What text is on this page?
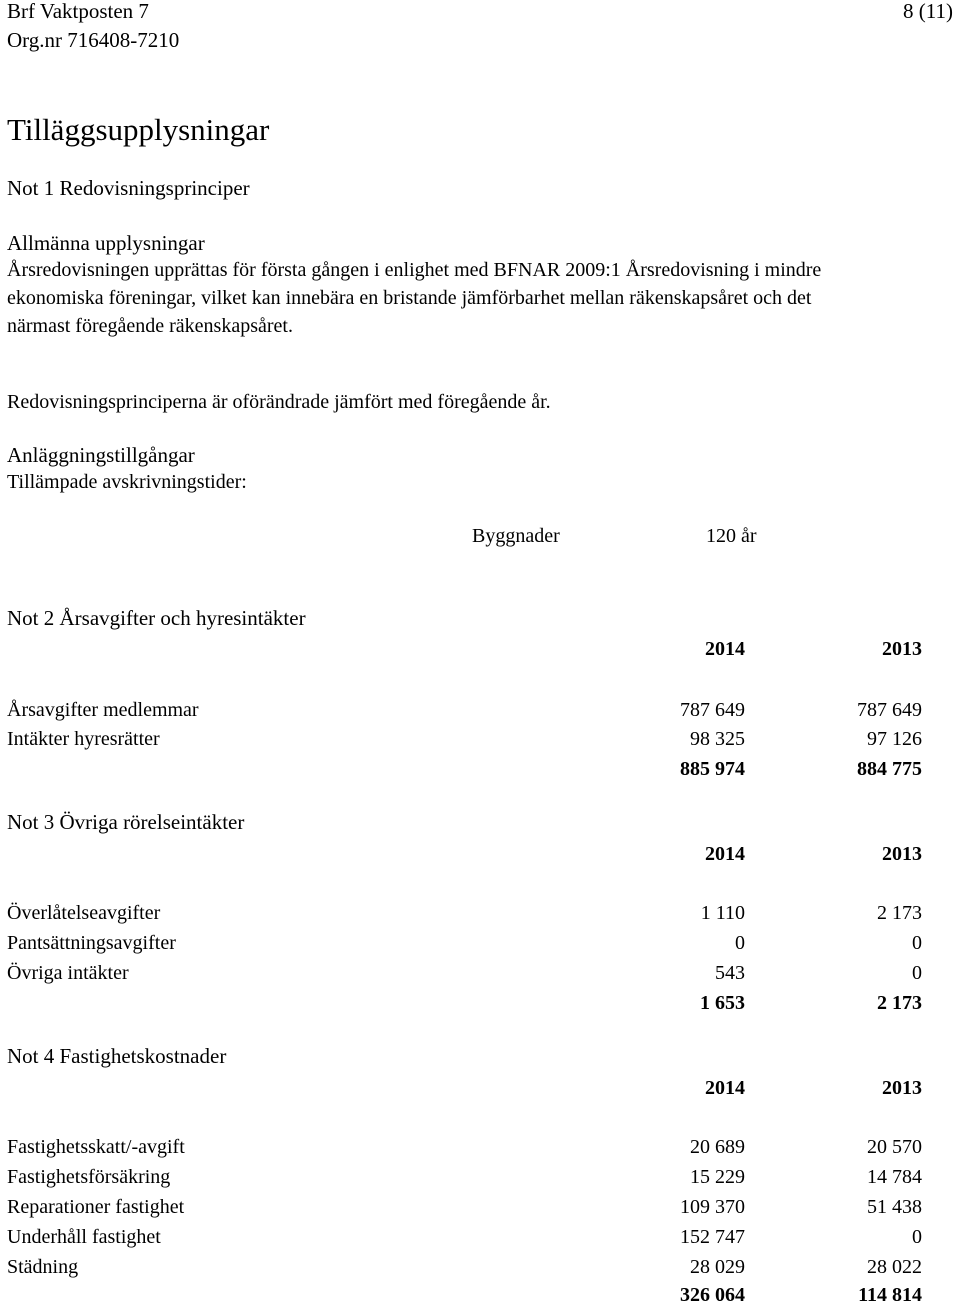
Brf Vaktposten 7
Org.nr 716408-7210
8 (11)
Tilläggsupplysningar
Not 1 Redovisningsprinciper
Allmänna upplysningar
Årsredovisningen upprättas för första gången i enlighet med BFNAR 2009:1 Årsredovisning i mindre
ekonomiska föreningar, vilket kan innebära en bristande jämförbarhet mellan räkenskapsåret och det
närmast föregående räkenskapsåret.
Redovisningsprinciperna är oförändrade jämfört med föregående år.
Anläggningstillgångar
Tillämpade avskrivningstider:
Byggnader	120 år
Not 2 Årsavgifter och hyresintäkter
2014	2013
Årsavgifter medlemmar	787 649	787 649
Intäkter hyresrätter	98 325	97 126
885 974	884 775
Not 3 Övriga rörelseintäkter
2014	2013
Överlåtelseavgifter	1 110	2 173
Pantsättningsavgifter	0	0
Övriga intäkter	543	0
1 653	2 173
Not 4 Fastighetskostnader
2014	2013
Fastighetsskatt/-avgift	20 689	20 570
Fastighetsförsäkring	15 229	14 784
Reparationer fastighet	109 370	51 438
Underhåll fastighet	152 747	0
Städning	28 029	28 022
326 064	114 814
